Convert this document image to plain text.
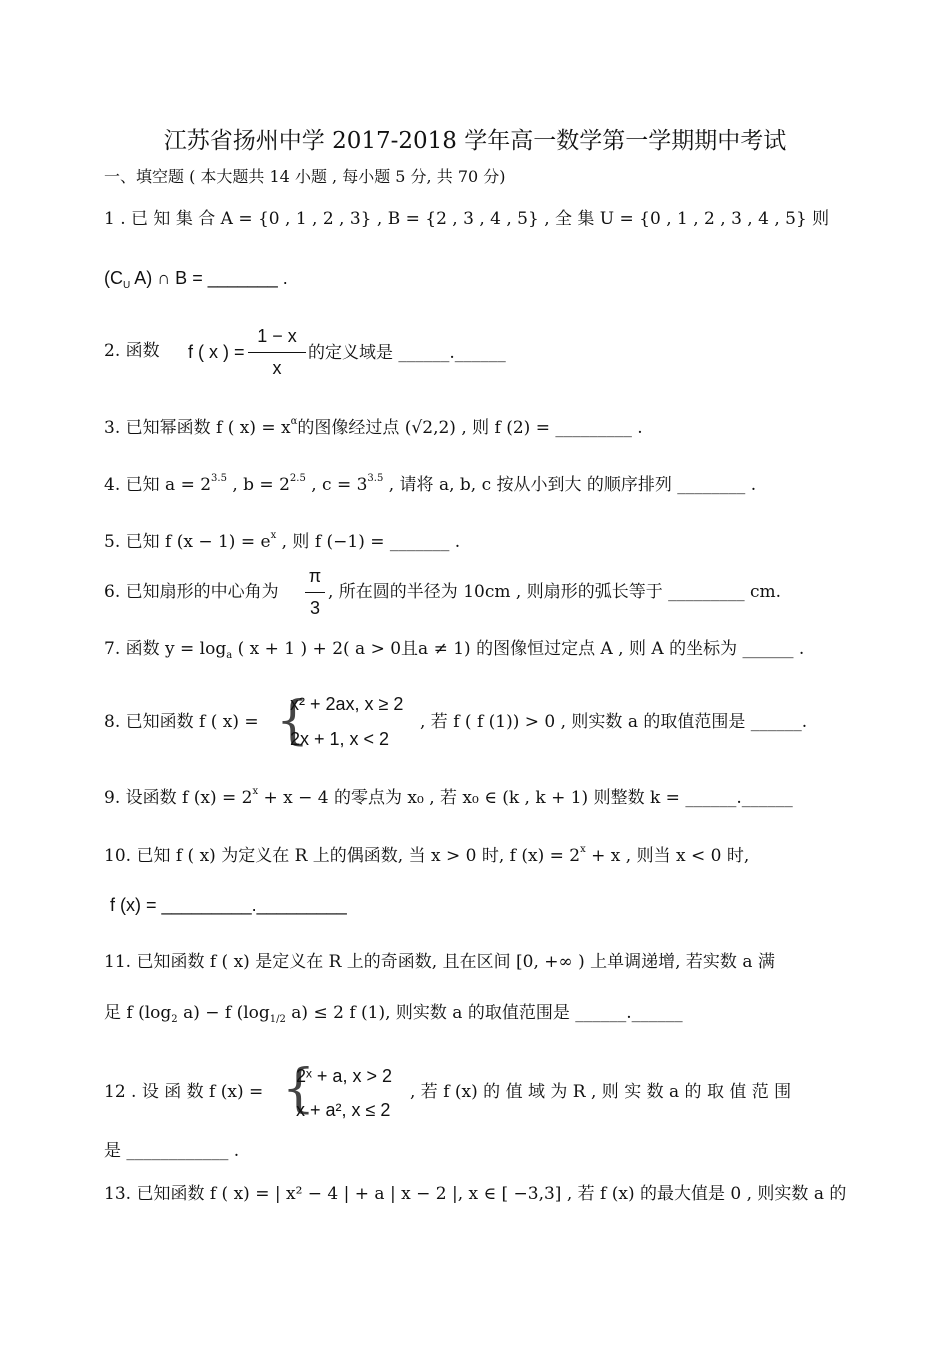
江苏省扬州中学 2017-2018 学年高一数学第一学期期中考试
一、填空题 ( 本大题共 14 小题 , 每小题 5 分, 共 70 分)
1 . 已 知 集 合 A = {0 , 1 , 2 , 3} , B = {2 , 3 , 4 , 5} , 全 集 U = {0 , 1 , 2 , 3 , 4 , 5} 则
($C_U$ A) ∩ B = _______ .
2. 函数 f ( x ) =
1 − x
x
的定义域是 ______.______
3. 已知幂函数 f ( $x) = x^\alpha$的图像经过点 (√2,2) , 则 f (2) = _________ .
4. 已知 $a = 2^{3.5}$ , $b = 2^{2.5}$ , $c = 3^{3.5}$ , 请将 a, b, c 按从小到大 的顺序排列 ________ .
5. 已知 f $(x - 1) = e^x$ , 则 f (−1) = _______ .
6. 已知扇形的中心角为
π
3
, 所在圆的半径为 10cm , 则扇形的弧长等于 _________ cm.
7. 函数 $y = \log_a$ ( x + 1 ) + 2( a > 0且a ≠ 1) 的图像恒过定点 A , 则 A 的坐标为 ______ .
8. 已知函数 f ( x) = {
x² + 2ax, x ≥ 2
2x + 1, x < 2
, 若 f ( f (1)) > 0 , 则实数 a 的取值范围是 ______.
9. 设函数 f $(x) = 2^x + x - 4$ 的零点为 x₀ , 若 x₀ ∈ (k , k + 1) 则整数 k = ______.______
10. 已知 f ( x) 为定义在 R 上的偶函数, 当 x > 0 时, f $(x) = 2^x + x$ , 则当 x < 0 时,
f (x) = _________._________
11. 已知函数 f ( x) 是定义在 R 上的奇函数, 且在区间 [0, +∞ ) 上单调递增, 若实数 a 满
足 f ($\log_2$ a) − f ($\log_{1/2}$ a) ≤ 2 f (1), 则实数 a 的取值范围是 ______.______
12 . 设 函 数 f (x) = {
2ˣ + a, x > 2
x + a², x ≤ 2
, 若 f (x) 的 值 域 为 R , 则 实 数 a 的 取 值 范 围
是 ____________ .
13. 已知函数 f ( x) = | x² − 4 | + a | x − 2 |, x ∈ [ −3,3] , 若 f (x) 的最大值是 0 , 则实数 a 的
